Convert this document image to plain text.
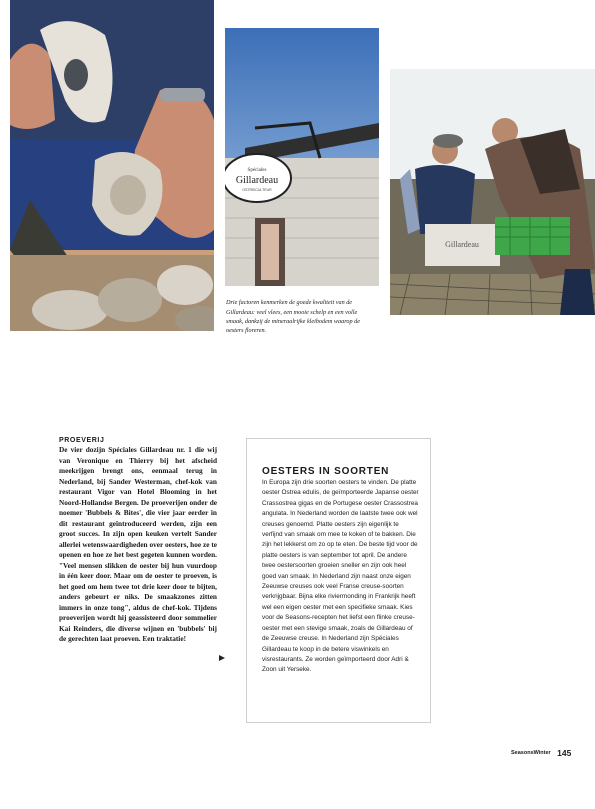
Spéciales
Gillardeau
OSTREICULTEUR
Gillardeau

Drie factoren kenmerken de goede kwaliteit van de Gillardeau: veel vlees, een mooie schelp en een volle smaak, dankzij de mineraalrijke kleibodem waarop de oesters floreren.

PROEVERIJ

De vier dozijn Spéciales Gillardeau nr. 1 die wij van Veronique en Thierry bij het afscheid meekrijgen brengt ons, eenmaal terug in Nederland, bij Sander Westerman, chef-kok van restaurant Vigor van Hotel Blooming in het Noord-Hollandse Bergen. De proeverijen onder de noemer 'Bubbels & Bites', die vier jaar eerder in dit restaurant geïntroduceerd werden, zijn een groot succes. In zijn open keuken vertelt Sander allerlei wetenswaardigheden over oesters, hoe ze te openen en hoe ze het best gegeten kunnen worden. "Veel mensen slikken de oester bij hun vuurdoop in één keer door. Maar om de oester te proeven, is het goed om hem twee tot drie keer door te bijten, anders gebeurt er niks. De smaakzones zitten immers in onze tong", aldus de chef-kok. Tijdens proeverijen wordt hij geassisteerd door sommelier Kai Reinders, die diverse wijnen en 'bubbels' bij de gerechten laat proeven. Een traktatie!

OESTERS IN SOORTEN

In Europa zijn drie soorten oesters te vinden. De platte oester Ostrea edulis, de geïmporteerde Japanse oester Crassostrea gigas en de Portugese oester Crassostrea angulata. In Nederland worden de laatste twee ook wel creuses genoemd. Platte oesters zijn eigenlijk te verfijnd van smaak om mee te koken of te bakken. Die zijn het lekkerst om zo op te eten. De beste tijd voor de platte oesters is van september tot april. De andere twee oestersoorten groeien sneller en zijn ook heel goed van smaak. In Nederland zijn naast onze eigen Zeeuwse creuses ook veel Franse creuse-soorten verkrijgbaar. Bijna elke riviermonding in Frankrijk heeft wel een eigen oester met een specifieke smaak. Kies voor de Seasons-recepten het liefst een flinke creuse-oester met een stevige smaak, zoals de Gillardeau of de Zeeuwse creuse. In Nederland zijn Spéciales Gillardeau te koop in de betere viswinkels en visrestaurants. Ze worden geïmporteerd door Adri & Zoon uit Yerseke.

SeasonsWinter 145
